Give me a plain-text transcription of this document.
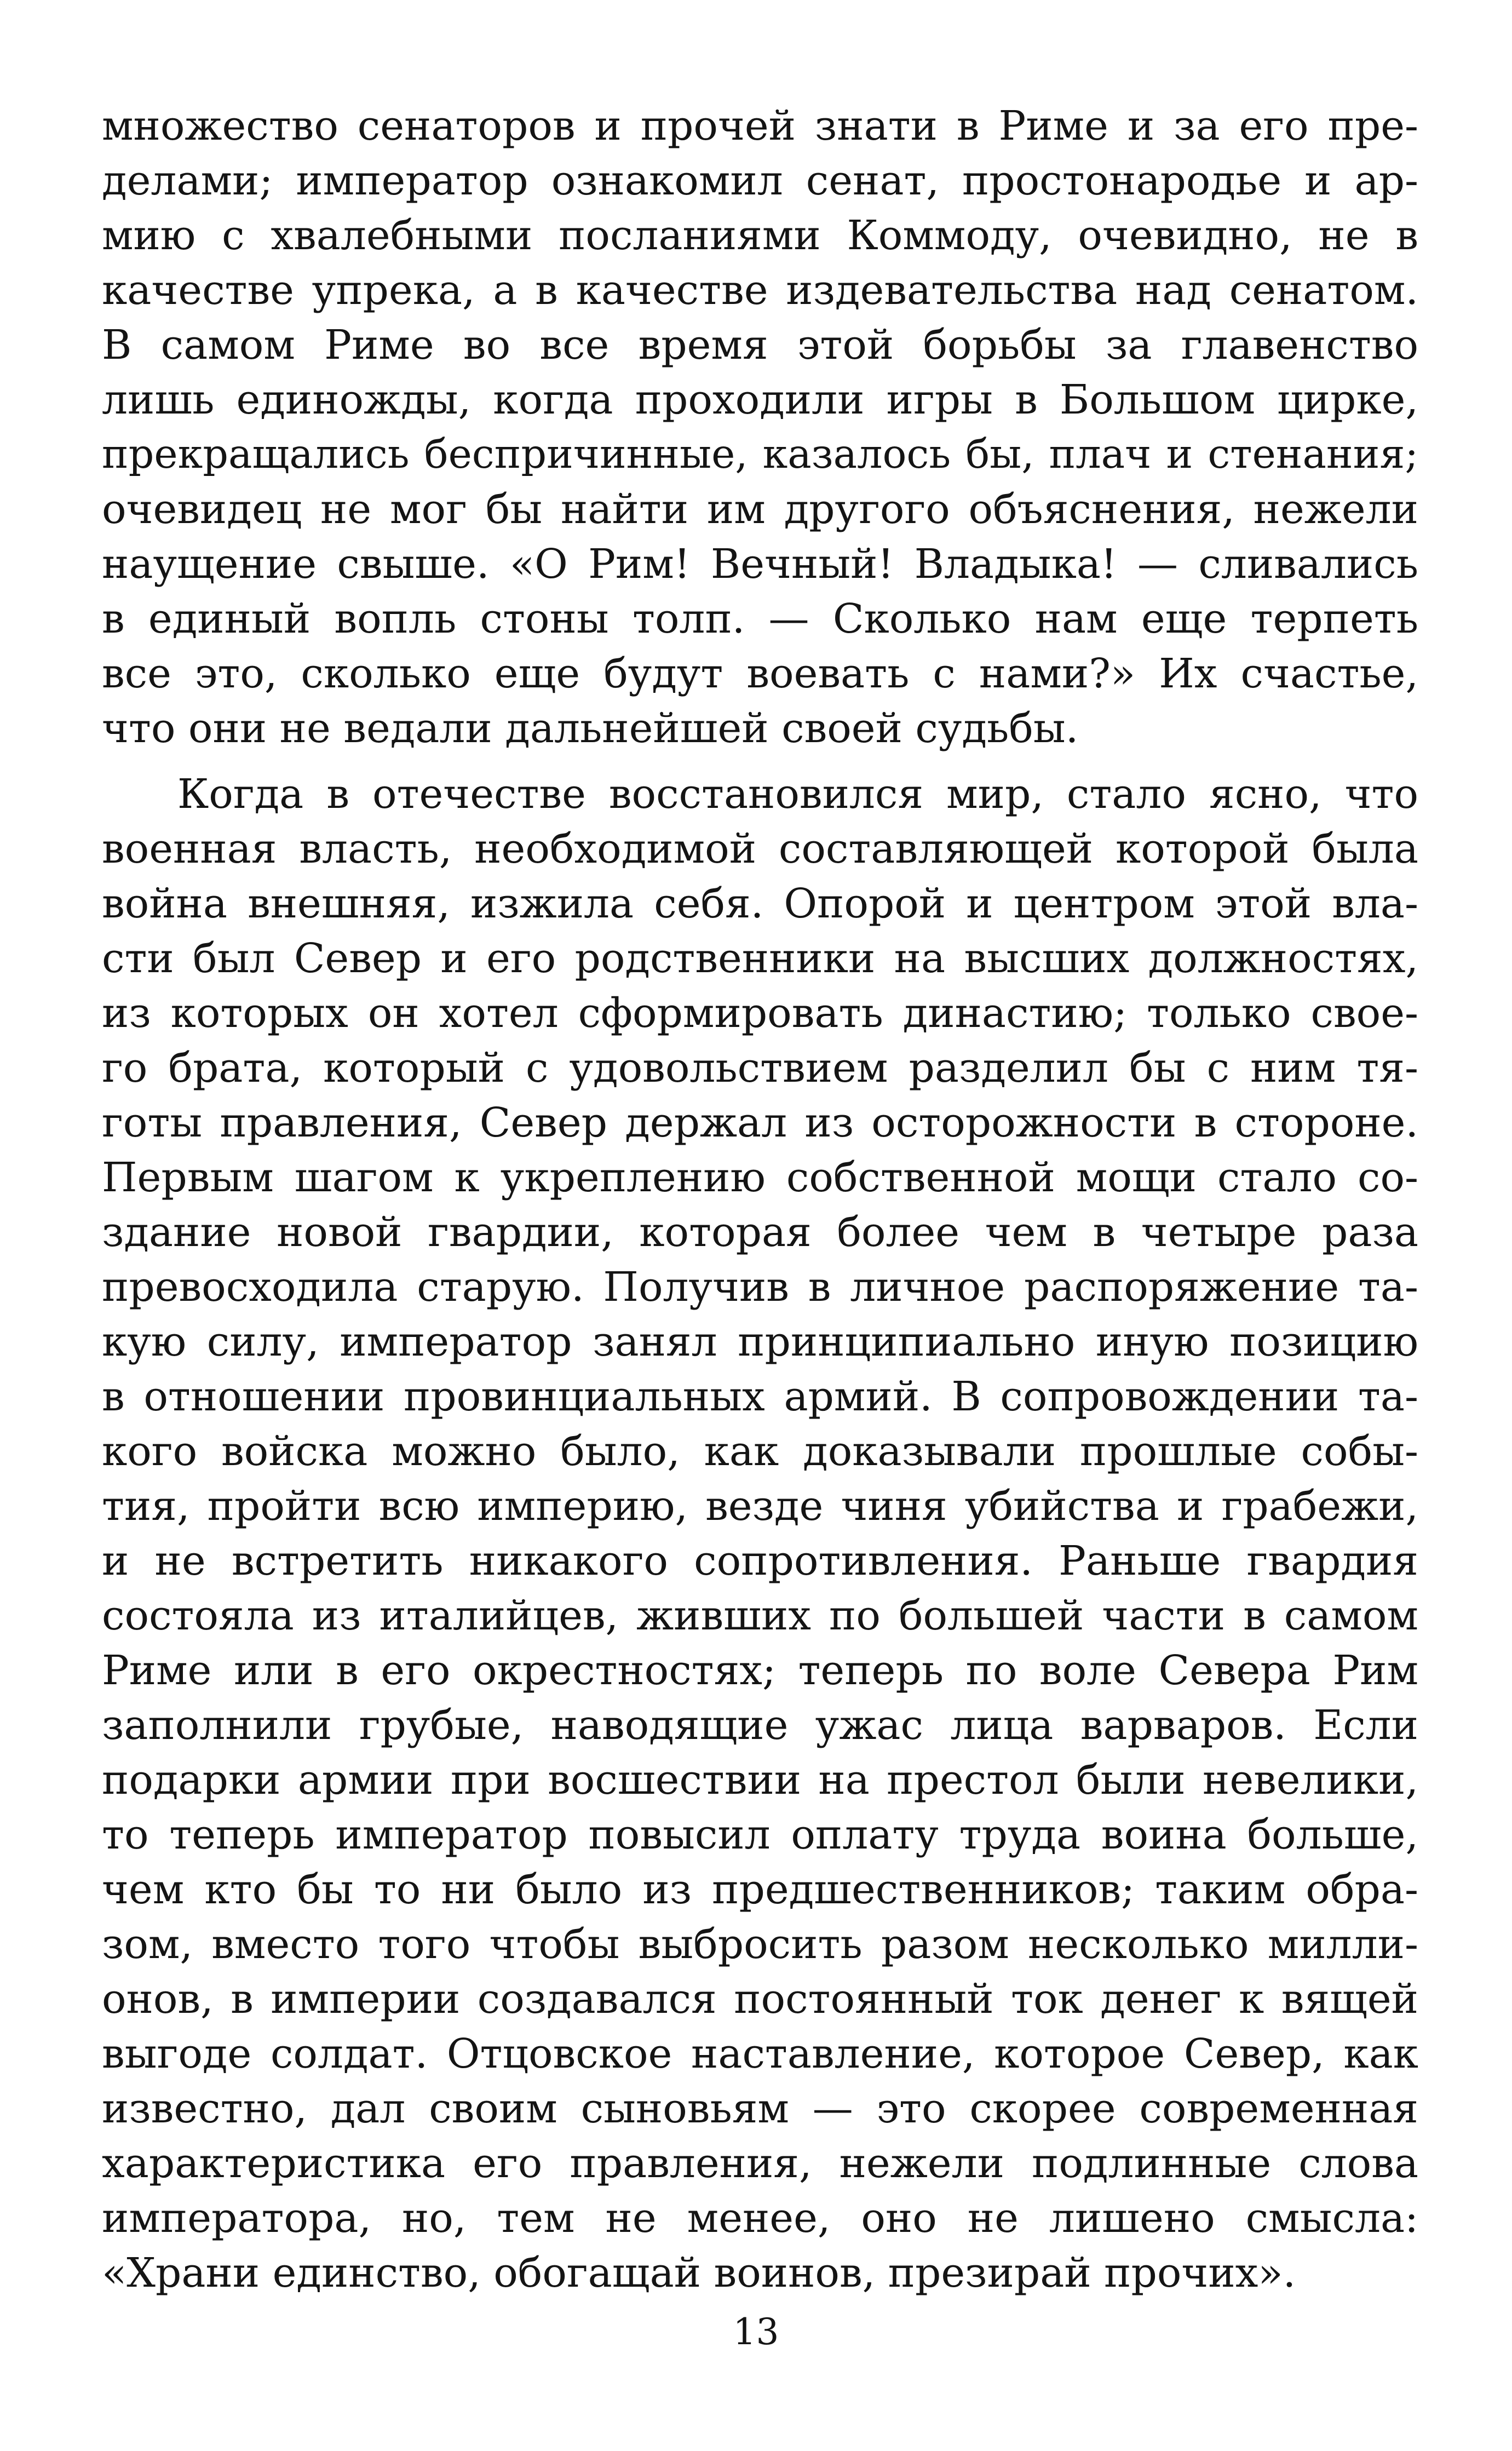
множество сенаторов и прочей знати в Риме и за его пре-
делами; император ознакомил сенат, простонародье и ар-
мию с хвалебными посланиями Коммоду, очевидно, не в
качестве упрека, а в качестве издевательства над сенатом.
В самом Риме во все время этой борьбы за главенство
лишь единожды, когда проходили игры в Большом цирке,
прекращались беспричинные, казалось бы, плач и стенания;
очевидец не мог бы найти им другого объяснения, нежели
наущение свыше. «О Рим! Вечный! Владыка! — сливались
в единый вопль стоны толп. — Сколько нам еще терпеть
все это, сколько еще будут воевать с нами?» Их счастье,
что они не ведали дальнейшей своей судьбы.
Когда в отечестве восстановился мир, стало ясно, что
военная власть, необходимой составляющей которой была
война внешняя, изжила себя. Опорой и центром этой вла-
сти был Север и его родственники на высших должностях,
из которых он хотел сформировать династию; только свое-
го брата, который с удовольствием разделил бы с ним тя-
готы правления, Север держал из осторожности в стороне.
Первым шагом к укреплению собственной мощи стало со-
здание новой гвардии, которая более чем в четыре раза
превосходила старую. Получив в личное распоряжение та-
кую силу, император занял принципиально иную позицию
в отношении провинциальных армий. В сопровождении та-
кого войска можно было, как доказывали прошлые собы-
тия, пройти всю империю, везде чиня убийства и грабежи,
и не встретить никакого сопротивления. Раньше гвардия
состояла из италийцев, живших по большей части в самом
Риме или в его окрестностях; теперь по воле Севера Рим
заполнили грубые, наводящие ужас лица варваров. Если
подарки армии при восшествии на престол были невелики,
то теперь император повысил оплату труда воина больше,
чем кто бы то ни было из предшественников; таким обра-
зом, вместо того чтобы выбросить разом несколько милли-
онов, в империи создавался постоянный ток денег к вящей
выгоде солдат. Отцовское наставление, которое Север, как
известно, дал своим сыновьям — это скорее современная
характеристика его правления, нежели подлинные слова
императора, но, тем не менее, оно не лишено смысла:
«Храни единство, обогащай воинов, презирай прочих».
13
